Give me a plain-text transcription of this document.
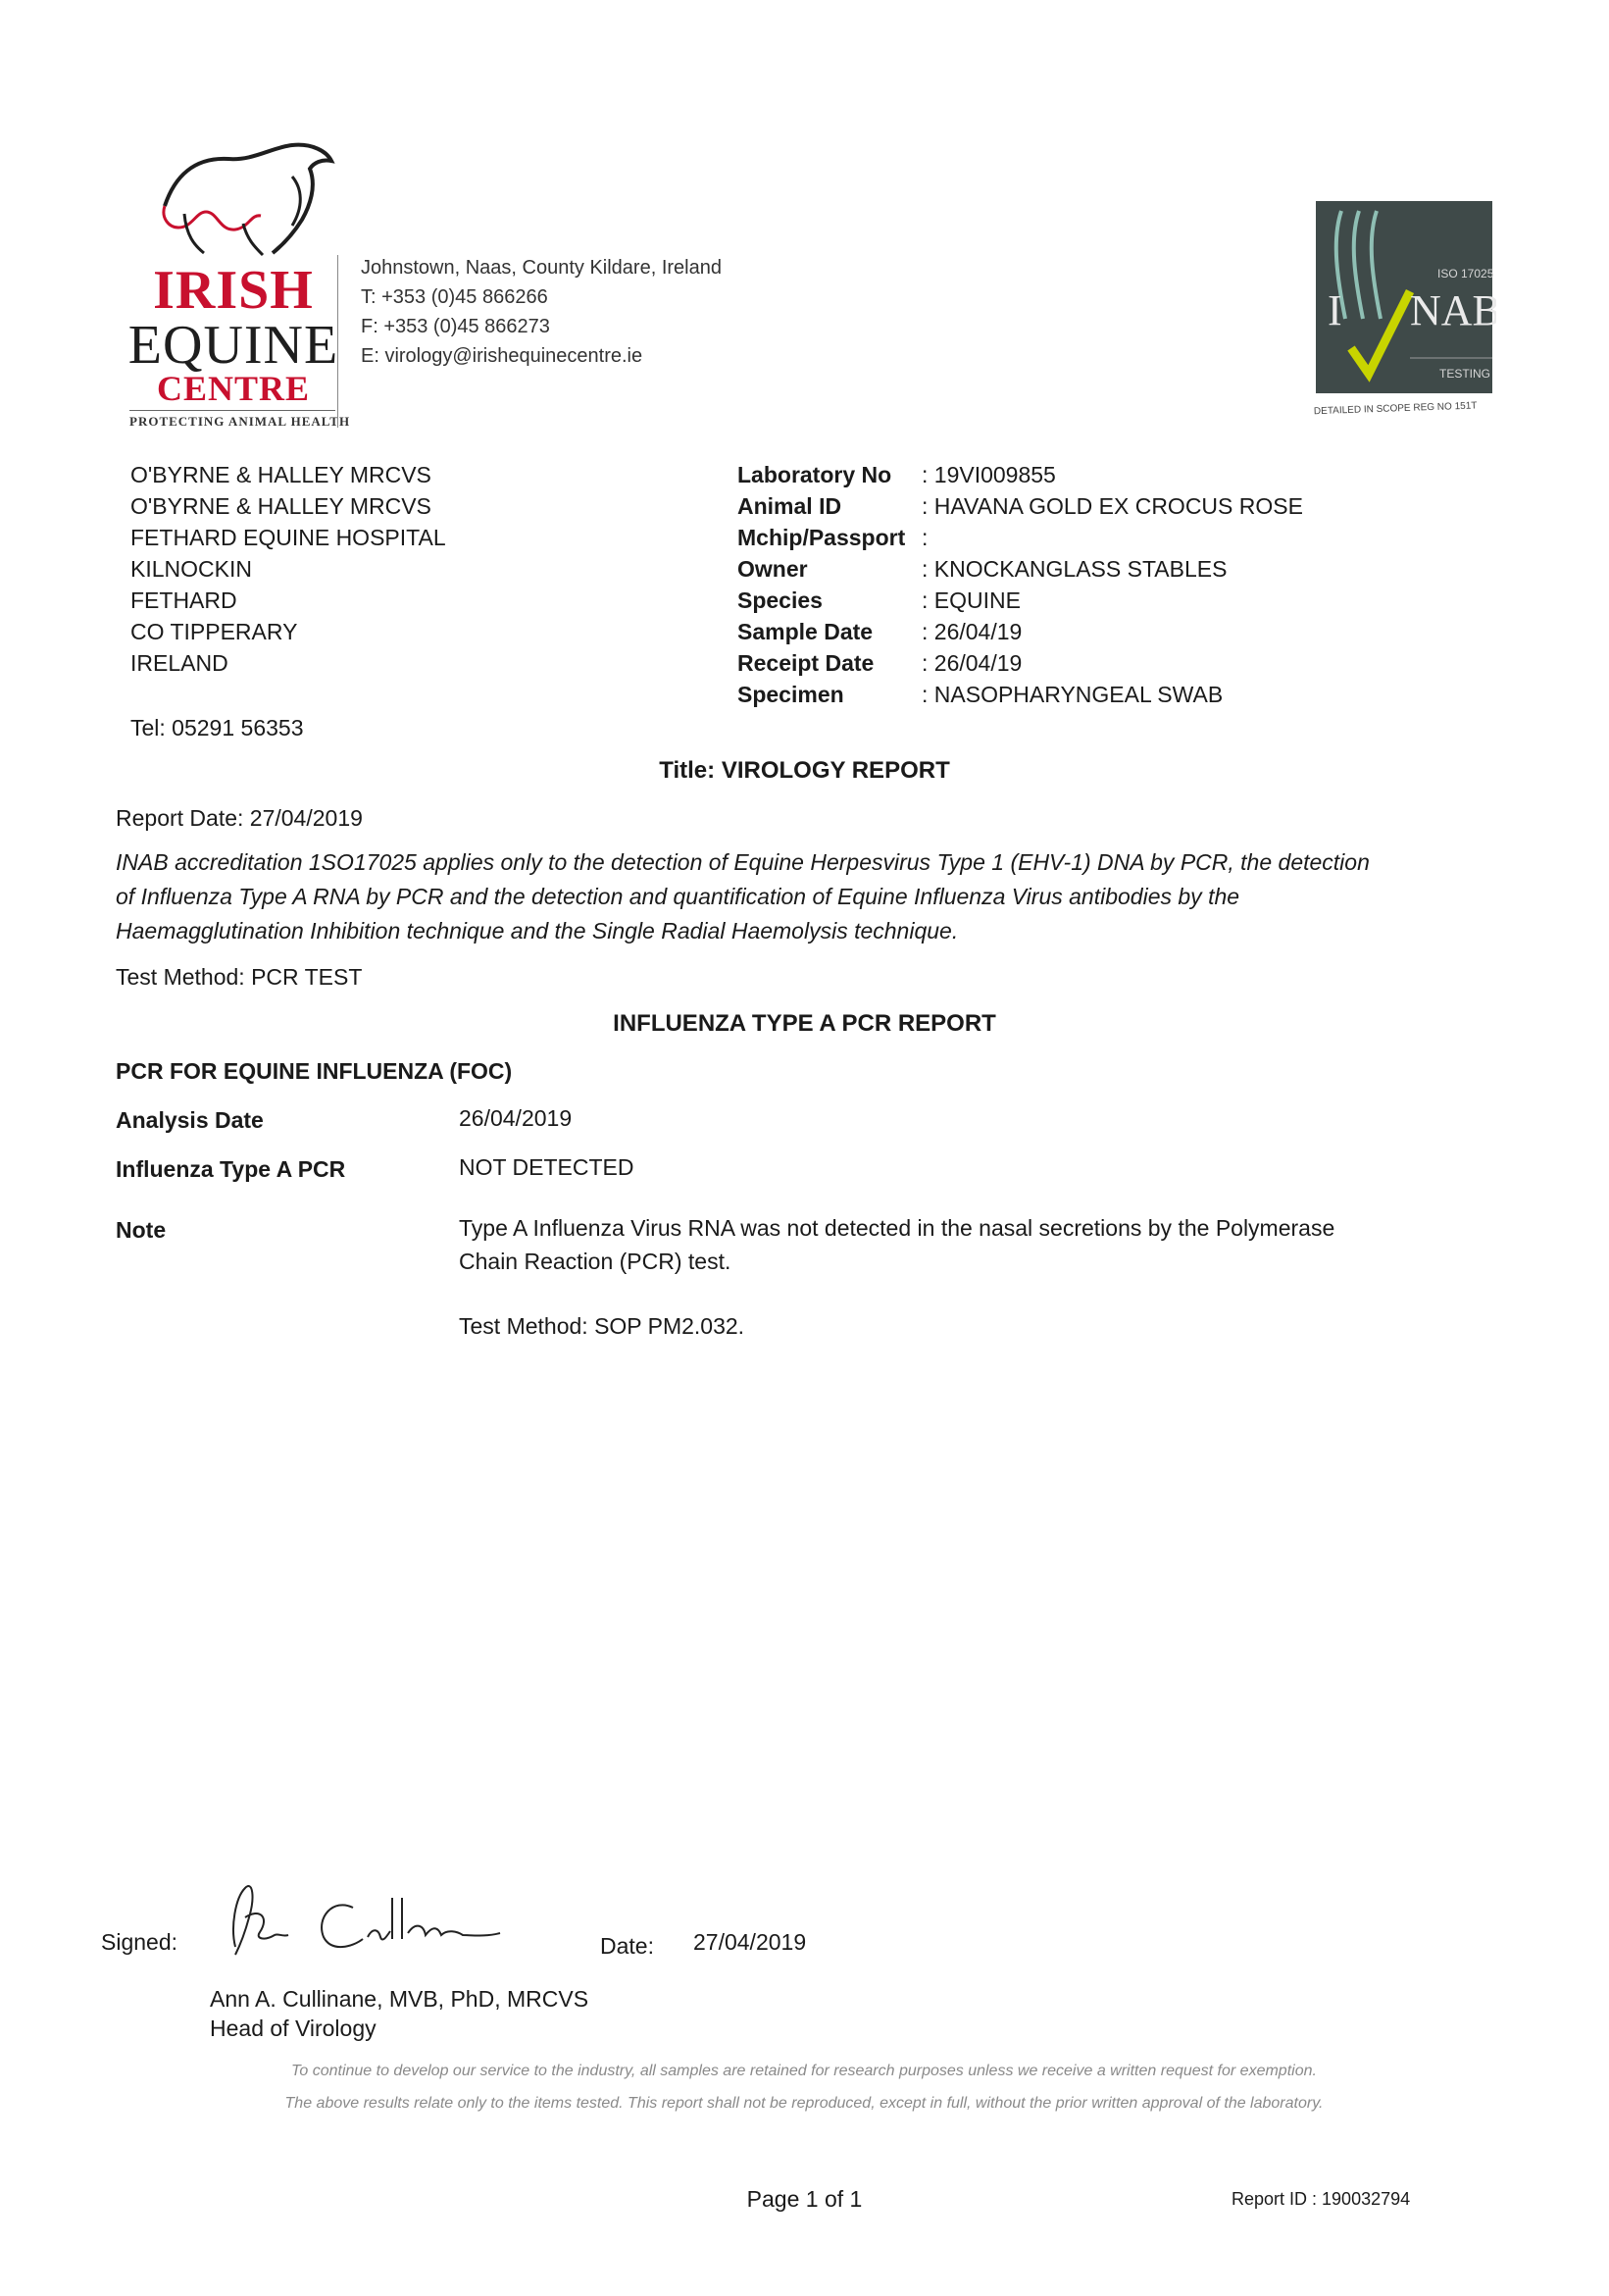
IRISH
EQUINE
CENTRE
PROTECTING ANIMAL HEALTH
Johnstown, Naas, County Kildare, Ireland
T: +353 (0)45 866266
F: +353 (0)45 866273
E: virology@irishequinecentre.ie
ISO 17025
I NAB
TESTING
DETAILED IN SCOPE REG NO 151T
O'BYRNE & HALLEY MRCVS
O'BYRNE & HALLEY MRCVS
FETHARD EQUINE HOSPITAL
KILNOCKIN
FETHARD
CO TIPPERARY
IRELAND
Tel: 05291 56353
Laboratory No : 19VI009855
Animal ID	: HAVANA GOLD EX CROCUS ROSE
Mchip/Passport :
Owner	: KNOCKANGLASS STABLES
Species	: EQUINE
Sample Date : 26/04/19
Receipt Date : 26/04/19
Specimen	: NASOPHARYNGEAL SWAB
Title: VIROLOGY REPORT
Report Date: 27/04/2019
INAB accreditation 1SO17025 applies only to the detection of Equine Herpesvirus Type 1 (EHV-1) DNA by PCR, the detection of Influenza Type A RNA by PCR and the detection and quantification of Equine Influenza Virus antibodies by the Haemagglutination Inhibition technique and the Single Radial Haemolysis technique.
Test Method: PCR TEST
INFLUENZA TYPE A PCR REPORT
PCR FOR EQUINE INFLUENZA (FOC)
Analysis Date	26/04/2019
Influenza Type A PCR	NOT DETECTED
Note	Type A Influenza Virus RNA was not detected in the nasal secretions by the Polymerase Chain Reaction (PCR) test.
Test Method: SOP PM2.032.
Signed:	Date: 27/04/2019
Ann A. Cullinane, MVB, PhD, MRCVS
Head of Virology
To continue to develop our service to the industry, all samples are retained for research purposes unless we receive a written request for exemption.
The above results relate only to the items tested. This report shall not be reproduced, except in full, without the prior written approval of the laboratory.
Page 1 of 1	Report ID : 190032794
